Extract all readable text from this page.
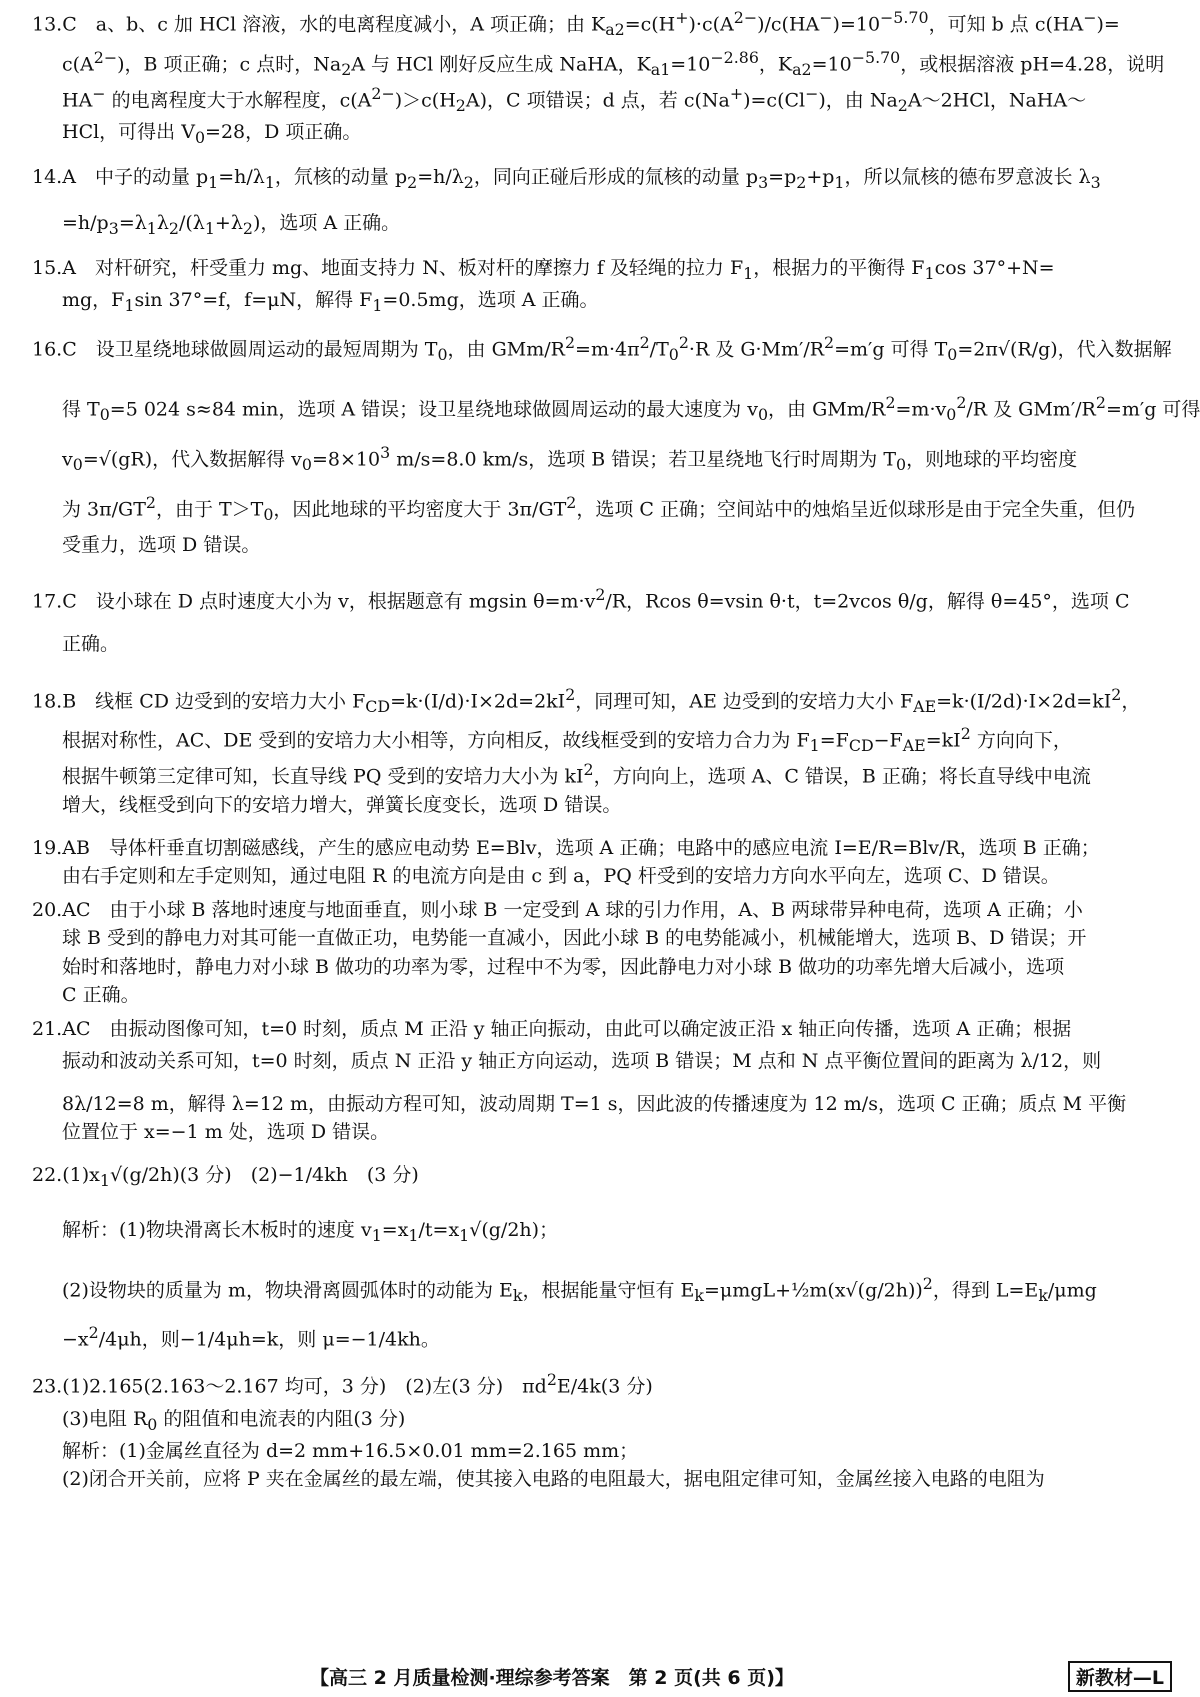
13.C　a、b、c 加 HCl 溶液，水的电离程度减小，A 项正确；由 $K_{a2}=c(H^+)\cdot c(A^{2-})/c(HA^-)=10^{-5.70}$，可知 b 点 c(HA−)=
$c(A^{2-})$，B 项正确；c 点时，$Na_2A$ 与 HCl 刚好反应生成 NaHA，$K_{a1}=10^{-2.86}$，$K_{a2}=10^{-5.70}$，或根据溶液 pH=4.28，说明
HA− 的电离程度大于水解程度，$c(A^{2-})>c(H_2A)$，C 项错误；d 点，若 c(Na+)=c(Cl−)，由 $Na_2A\sim 2HCl$，NaHA～
HCl，可得出 $V_0=28$，D 项正确。
14.A　中子的动量 $p_1=h/\lambda_1$，氘核的动量 $p_2=h/\lambda_2$，同向正碰后形成的氚核的动量 $p_3=p_2+p_1$，所以氚核的德布罗意波长 $\lambda_3$
$=h/p_3=\lambda_1\lambda_2/(\lambda_1+\lambda_2)$，选项 A 正确。
15.A　对杆研究，杆受重力 mg、地面支持力 N、板对杆的摩擦力 f 及轻绳的拉力 $F_1$，根据力的平衡得 $F_1\cos$ 37°+N=
mg，$F_1\sin$ 37°=f，f=μN，解得 $F_1=0.5mg$，选项 A 正确。
16.C　设卫星绕地球做圆周运动的最短周期为 $T_0$，由 GMm/$R^2=m\cdot 4\pi^2/T_0^2\cdot R$ 及 $G\cdot Mm'/R^2=m'g$ 可得 $T_0=2\pi√(R/g)$，代入数据解
得 $T_0=5$ 024 s≈84 min，选项 A 错误；设卫星绕地球做圆周运动的最大速度为 $v_0$，由 GMm/$R^2=m\cdot v_0^2/R$ 及 $GMm'/R^2=m'g$ 可得
$v_0=√(gR)$，代入数据解得 $v_0=8\times 10^3$ m/s=8.0 km/s，选项 B 错误；若卫星绕地飞行时周期为 $T_0$，则地球的平均密度
为 $3\pi/GT^2$，由于 $T>T_0$，因此地球的平均密度大于 $3\pi/GT^2$，选项 C 正确；空间站中的烛焰呈近似球形是由于完全失重，但仍
受重力，选项 D 错误。
17.C　设小球在 D 点时速度大小为 v，根据题意有 mgsin $\theta=m\cdot v^2/R$，Rcos θ=vsin θ·t，t=2vcos θ/g，解得 θ=45°，选项 C
正确。
18.B　线框 CD 边受到的安培力大小 $F_{CD}=k\cdot(I/d)\cdot I\times 2d=2kI^2$，同理可知，AE 边受到的安培力大小 $F_{AE}=k\cdot(I/2d)\cdot I\times 2d=kI^2$，
根据对称性，AC、DE 受到的安培力大小相等，方向相反，故线框受到的安培力合力为 $F_1=F_{CD}-F_{AE}=kI^2$ 方向向下，
根据牛顿第三定律可知，长直导线 PQ 受到的安培力大小为 $kI^2$，方向向上，选项 A、C 错误，B 正确；将长直导线中电流
增大，线框受到向下的安培力增大，弹簧长度变长，选项 D 错误。
19.AB　导体杆垂直切割磁感线，产生的感应电动势 E=Blv，选项 A 正确；电路中的感应电流 I=E/R=Blv/R，选项 B 正确；
由右手定则和左手定则知，通过电阻 R 的电流方向是由 c 到 a，PQ 杆受到的安培力方向水平向左，选项 C、D 错误。
20.AC　由于小球 B 落地时速度与地面垂直，则小球 B 一定受到 A 球的引力作用，A、B 两球带异种电荷，选项 A 正确；小
球 B 受到的静电力对其可能一直做正功，电势能一直减小，因此小球 B 的电势能减小，机械能增大，选项 B、D 错误；开
始时和落地时，静电力对小球 B 做功的功率为零，过程中不为零，因此静电力对小球 B 做功的功率先增大后减小，选项
C 正确。
21.AC　由振动图像可知，t=0 时刻，质点 M 正沿 y 轴正向振动，由此可以确定波正沿 x 轴正向传播，选项 A 正确；根据
振动和波动关系可知，t=0 时刻，质点 N 正沿 y 轴正方向运动，选项 B 错误；M 点和 N 点平衡位置间的距离为 λ/12，则
8λ/12=8 m，解得 λ=12 m，由振动方程可知，波动周期 T=1 s，因此波的传播速度为 12 m/s，选项 C 正确；质点 M 平衡
位置位于 x=−1 m 处，选项 D 错误。
$22.(1)x_1√(g/2h)(3$ 分)　(2)−1/4kh　(3 分)
解析：(1)物块滑离长木板时的速度 $v_1=x_1/t=x_1√(g/2h)$；
(2)设物块的质量为 m，物块滑离圆弧体时的动能为 $E_k$，根据能量守恒有 $E_k=\mu mgL+\frac{1}{2}m(x√(g/2h))^2$，得到 $L=E_k$/μmg
$-x^2/4\mu h$，则−1/4μh=k，则 μ=−1/4kh。
23.(1)2.165(2.163～2.167 均可，3 分)　(2)左(3 分)　$\pi d^2E/4k(3$ 分)
(3)电阻 $R_0$ 的阻值和电流表的内阻(3 分)
解析：(1)金属丝直径为 d=2 mm+16.5×0.01 mm=2.165 mm；
(2)闭合开关前，应将 P 夹在金属丝的最左端，使其接入电路的电阻最大，据电阻定律可知，金属丝接入电路的电阻为
【高三 2 月质量检测·理综参考答案　第 2 页(共 6 页)】	新教材—L
